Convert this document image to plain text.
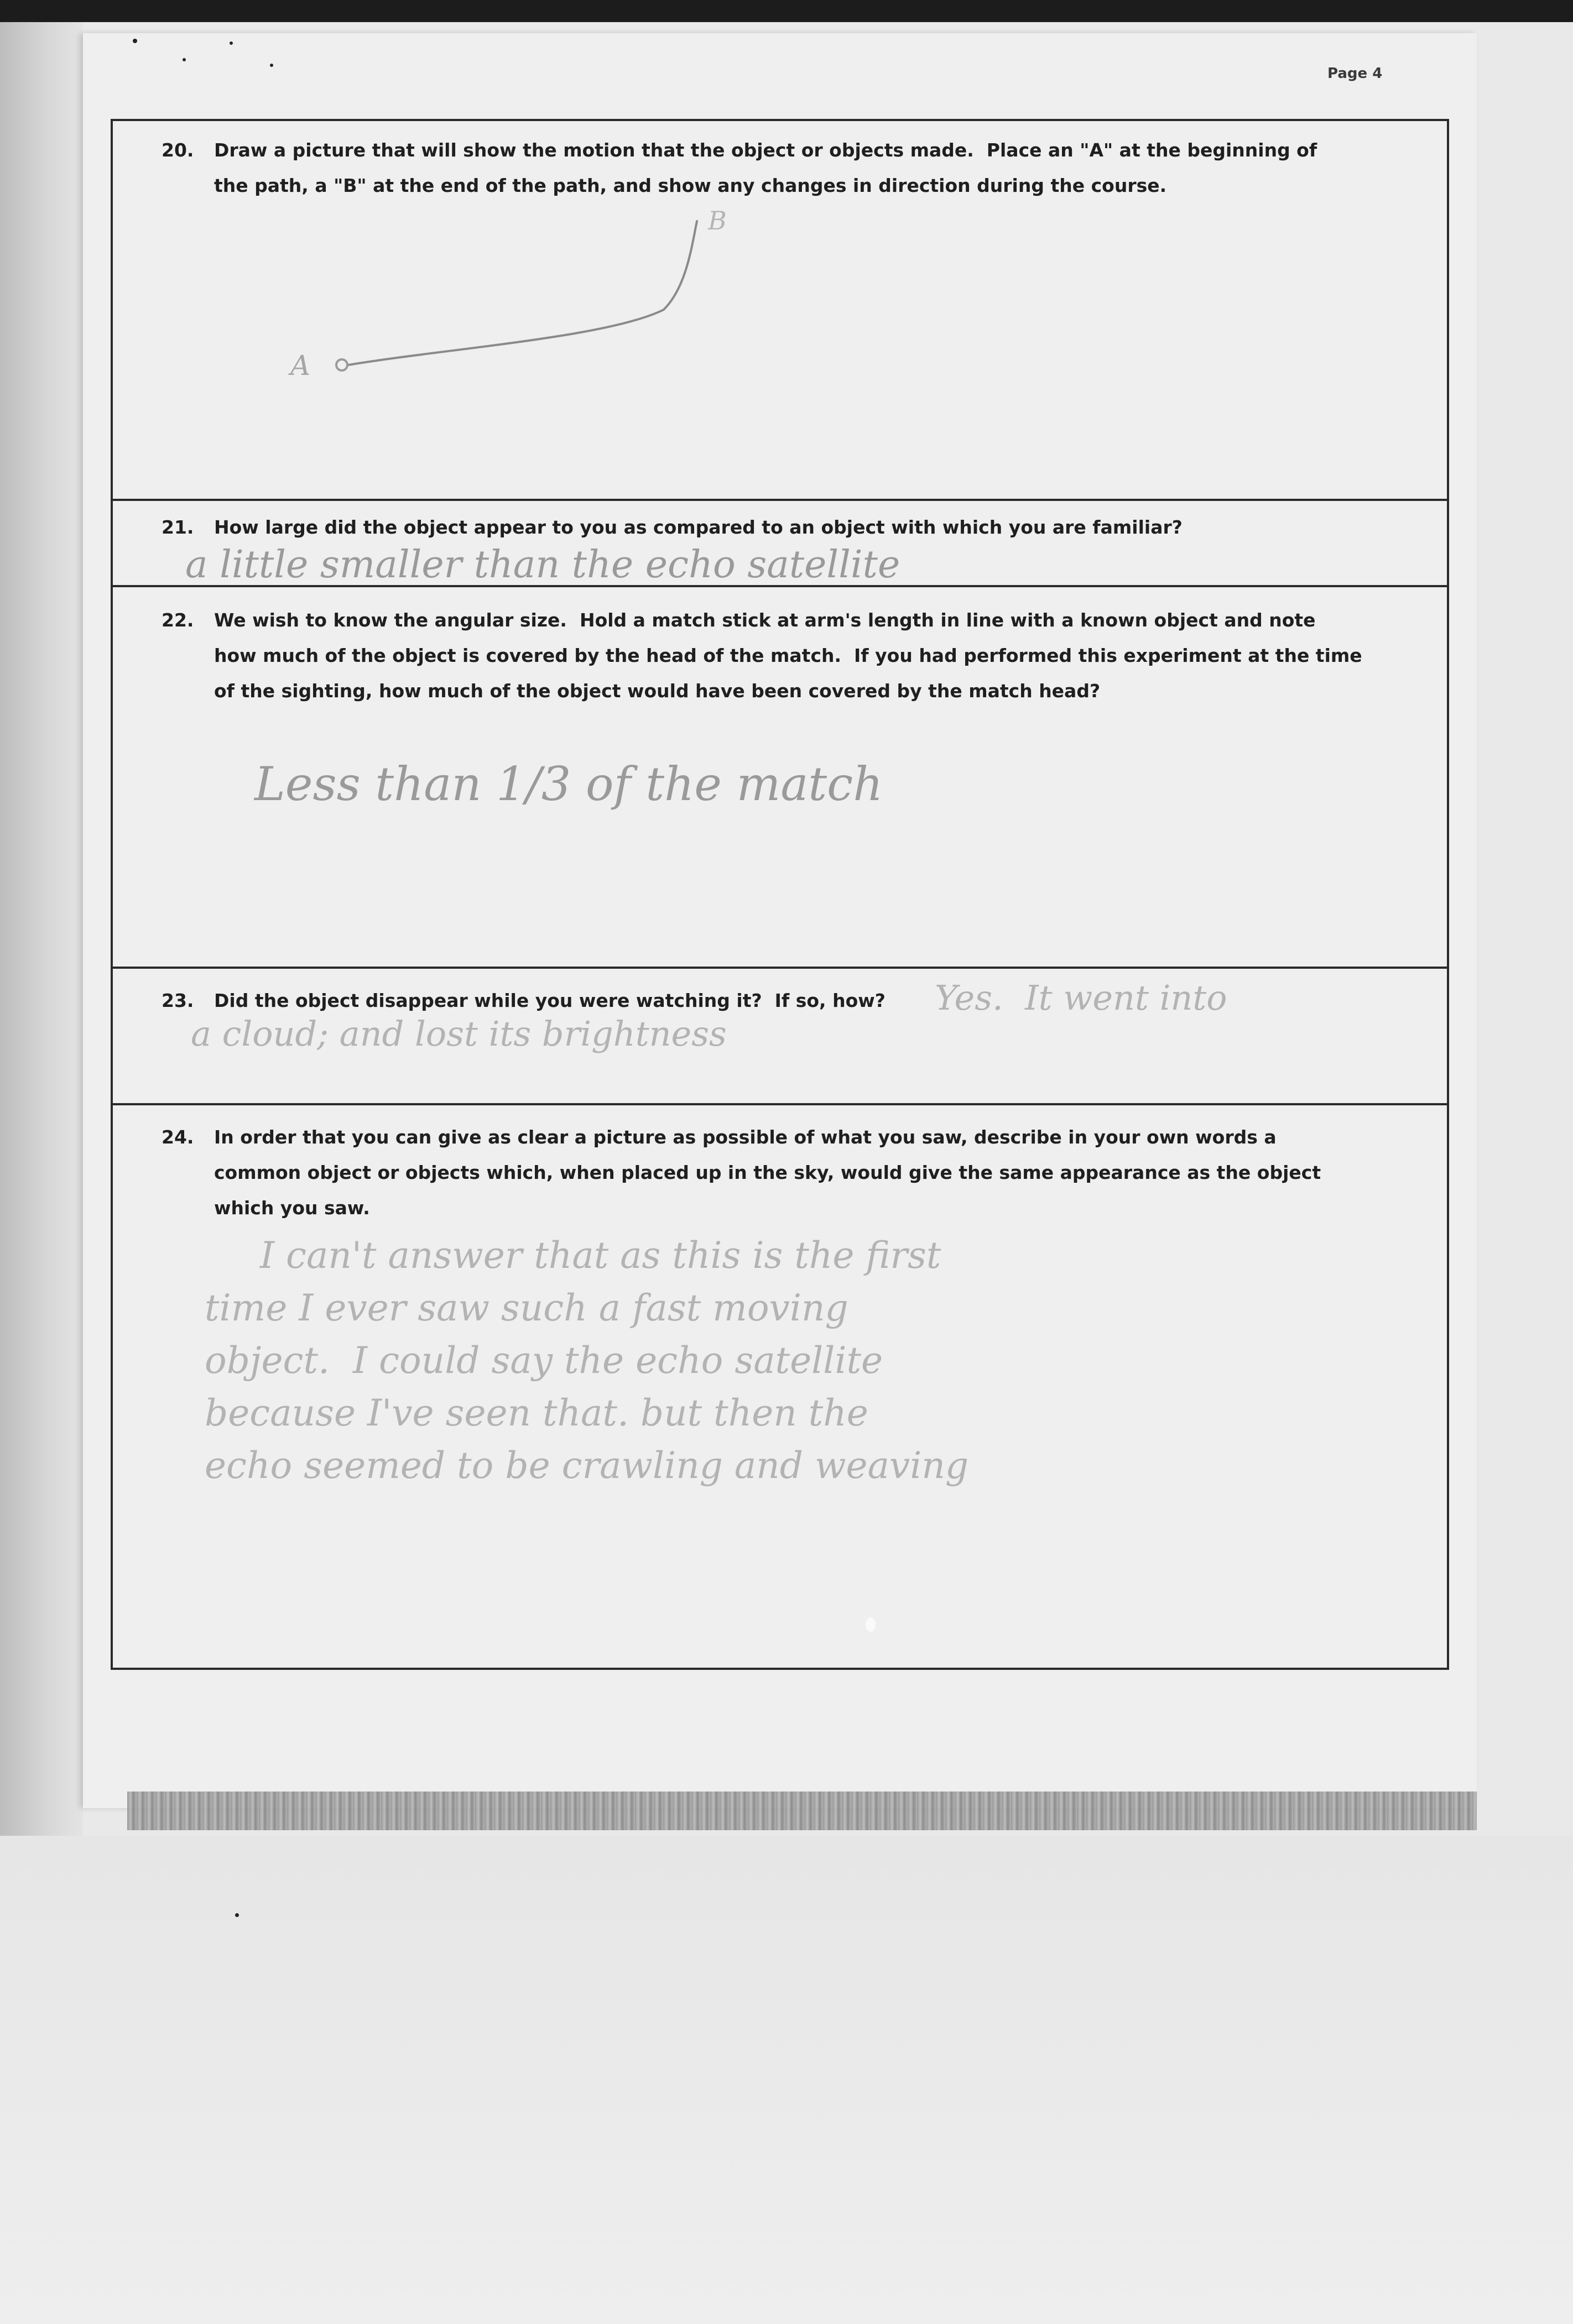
Page 4
20. Draw a picture that will show the motion that the object or objects made.  Place an "A" at the beginning of
the path, a "B" at the end of the path, and show any changes in direction during the course.
A
B
21. How large did the object appear to you as compared to an object with which you are familiar?
a little smaller than the echo satellite
22. We wish to know the angular size.  Hold a match stick at arm's length in line with a known object and note
how much of the object is covered by the head of the match.  If you had performed this experiment at the time
of the sighting, how much of the object would have been covered by the match head?
Less than 1/3 of the match
23. Did the object disappear while you were watching it?  If so, how? Yes.  It went into
a cloud; and lost its brightness
24. In order that you can give as clear a picture as possible of what you saw, describe in your own words a
common object or objects which, when placed up in the sky, would give the same appearance as the object
which you saw.
I can't answer that as this is the first
time I ever saw such a fast moving
object.  I could say the echo satellite
because I've seen that. but then the
echo seemed to be crawling and weaving
